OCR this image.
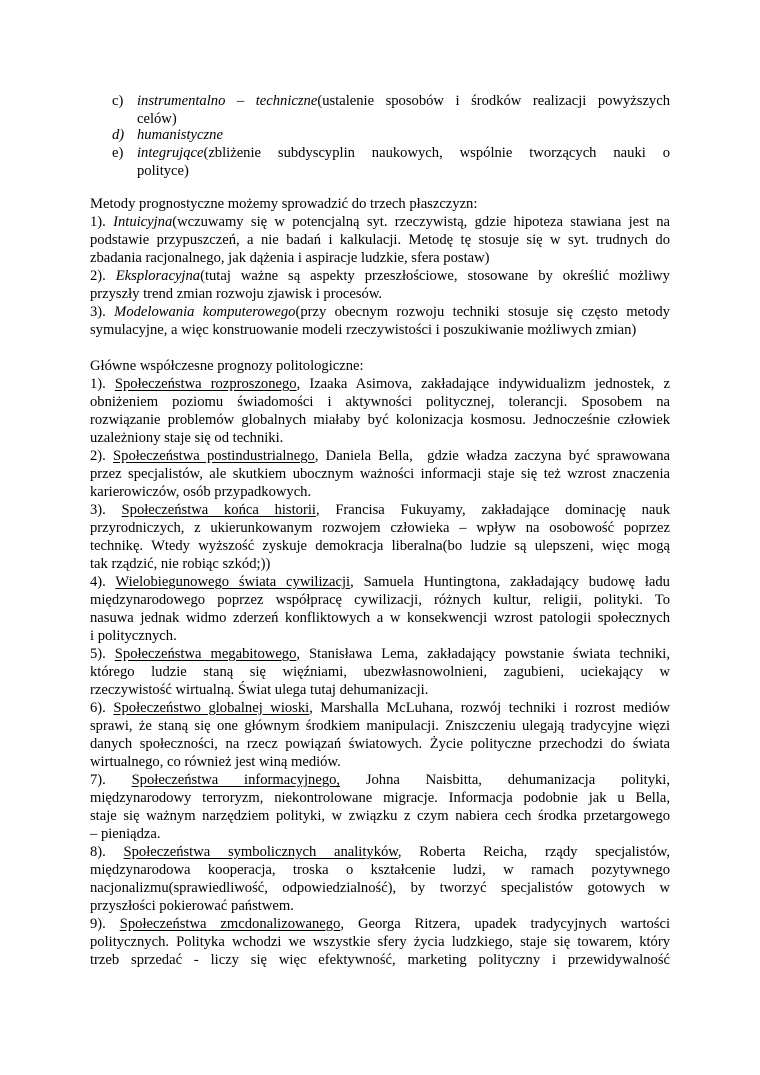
c) instrumentalno – techniczne(ustalenie sposobów i środków realizacji powyższych
celów)
d) humanistyczne
e) integrujące(zbliżenie subdyscyplin naukowych, wspólnie tworzących nauki o
polityce)
Metody prognostyczne możemy sprowadzić do trzech płaszczyzn:
1). Intuicyjna(wczuwamy się w potencjalną syt. rzeczywistą, gdzie hipoteza stawiana jest na
podstawie przypuszczeń, a nie badań i kalkulacji. Metodę tę stosuje się w syt. trudnych do
zbadania racjonalnego, jak dążenia i aspiracje ludzkie, sfera postaw)
2). Eksploracyjna(tutaj ważne są aspekty przeszłościowe, stosowane by określić możliwy
przyszły trend zmian rozwoju zjawisk i procesów.
3). Modelowania komputerowego(przy obecnym rozwoju techniki stosuje się często metody
symulacyjne, a więc konstruowanie modeli rzeczywistości i poszukiwanie możliwych zmian)
Główne współczesne prognozy politologiczne:
1). Społeczeństwa rozproszonego, Izaaka Asimova, zakładające indywidualizm jednostek, z
obniżeniem poziomu świadomości i aktywności politycznej, tolerancji. Sposobem na
rozwiązanie problemów globalnych miałaby być kolonizacja kosmosu. Jednocześnie człowiek
uzależniony staje się od techniki.
2). Społeczeństwa postindustrialnego, Daniela Bella,  gdzie władza zaczyna być sprawowana
przez specjalistów, ale skutkiem ubocznym ważności informacji staje się też wzrost znaczenia
karierowiczów, osób przypadkowych.
3). Społeczeństwa końca historii, Francisa Fukuyamy, zakładające dominację nauk
przyrodniczych, z ukierunkowanym rozwojem człowieka – wpływ na osobowość poprzez
technikę. Wtedy wyższość zyskuje demokracja liberalna(bo ludzie są ulepszeni, więc mogą
tak rządzić, nie robiąc szkód;))
4). Wielobiegunowego świata cywilizacji, Samuela Huntingtona, zakładający budowę ładu
międzynarodowego poprzez współpracę cywilizacji, różnych kultur, religii, polityki. To
nasuwa jednak widmo zderzeń konfliktowych a w konsekwencji wzrost patologii społecznych
i politycznych.
5). Społeczeństwa megabitowego, Stanisława Lema, zakładający powstanie świata techniki,
którego ludzie staną się więźniami, ubezwłasnowolnieni, zagubieni, uciekający w
rzeczywistość wirtualną. Świat ulega tutaj dehumanizacji.
6). Społeczeństwo globalnej wioski, Marshalla McLuhana, rozwój techniki i rozrost mediów
sprawi, że staną się one głównym środkiem manipulacji. Zniszczeniu ulegają tradycyjne więzi
danych społeczności, na rzecz powiązań światowych. Życie polityczne przechodzi do świata
wirtualnego, co również jest winą mediów.
7). Społeczeństwa informacyjnego, Johna Naisbitta, dehumanizacja polityki,
międzynarodowy terroryzm, niekontrolowane migracje. Informacja podobnie jak u Bella,
staje się ważnym narzędziem polityki, w związku z czym nabiera cech środka przetargowego
– pieniądza.
8). Społeczeństwa symbolicznych analityków, Roberta Reicha, rządy specjalistów,
międzynarodowa kooperacja, troska o kształcenie ludzi, w ramach pozytywnego
nacjonalizmu(sprawiedliwość, odpowiedzialność), by tworzyć specjalistów gotowych w
przyszłości pokierować państwem.
9). Społeczeństwa zmcdonalizowanego, Georga Ritzera, upadek tradycyjnych wartości
politycznych. Polityka wchodzi we wszystkie sfery życia ludzkiego, staje się towarem, który
trzeb sprzedać - liczy się więc efektywność, marketing polityczny i przewidywalność
